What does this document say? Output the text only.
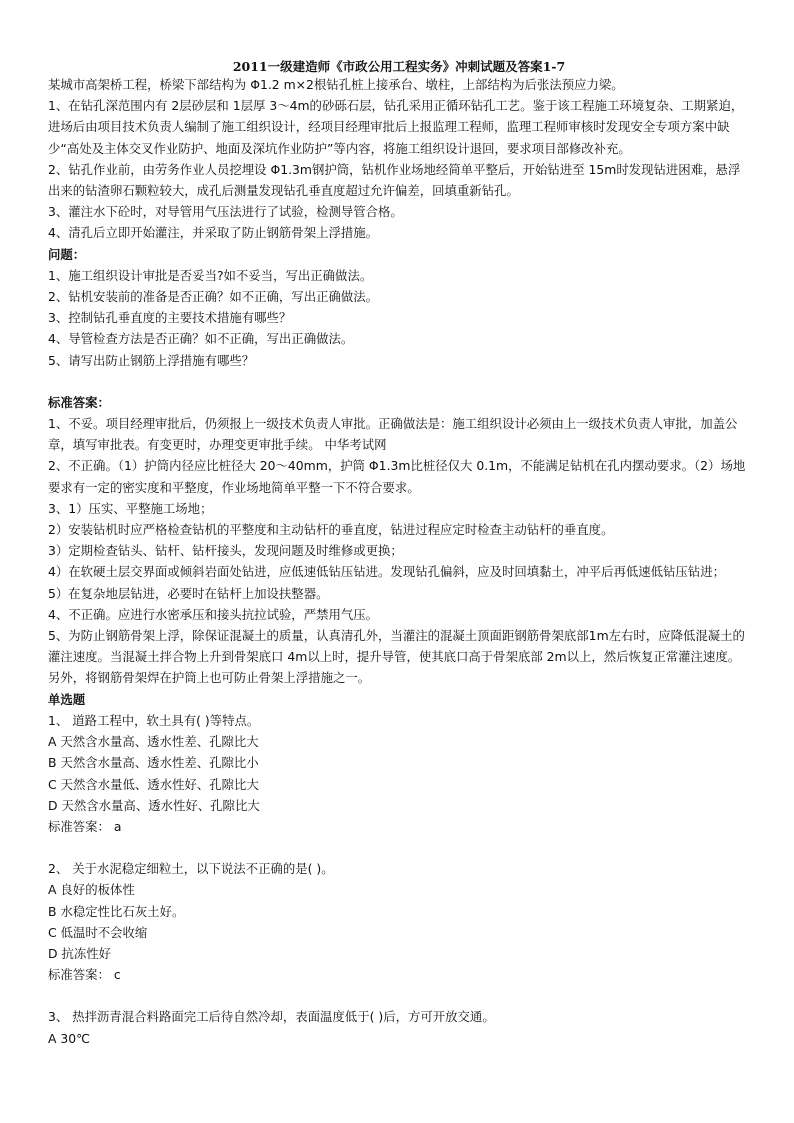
2011一级建造师《市政公用工程实务》冲刺试题及答案1-7

某城市高架桥工程，桥梁下部结构为 Φ1.2 m×2根钻孔桩上接承台、墩柱，上部结构为后张法预应力梁。

1、在钻孔深范围内有 2层砂层和 1层厚 3～4m的砂砾石层，钻孔采用正循环钻孔工艺。鉴于该工程施工环境复杂、工期紧迫，进场后由项目技术负责人编制了施工组织设计，经项目经理审批后上报监理工程师，监理工程师审核时发现安全专项方案中缺少“高处及主体交叉作业防护、地面及深坑作业防护”等内容，将施工组织设计退回，要求项目部修改补充。

2、钻孔作业前，由劳务作业人员挖埋设 Φ1.3m钢护筒，钻机作业场地经简单平整后，开始钻进至 15m时发现钻进困难，悬浮出来的钻渣卵石颗粒较大，成孔后测量发现钻孔垂直度超过允许偏差，回填重新钻孔。

3、灌注水下砼时，对导管用气压法进行了试验，检测导管合格。

4、清孔后立即开始灌注，并采取了防止钢筋骨架上浮措施。

问题：

1、施工组织设计审批是否妥当?如不妥当，写出正确做法。

2、钻机安装前的准备是否正确？如不正确，写出正确做法。

3、控制钻孔垂直度的主要技术措施有哪些？

4、导管检查方法是否正确？如不正确，写出正确做法。

5、请写出防止钢筋上浮措施有哪些？

标准答案：

1、不妥。项目经理审批后，仍须报上一级技术负责人审批。正确做法是：施工组织设计必须由上一级技术负责人审批，加盖公章，填写审批表。有变更时，办理变更审批手续。 中华考试网

2、不正确。（1）护筒内径应比桩径大 20～40mm，护筒 Φ1.3m比桩径仅大 0.1m，不能满足钻机在孔内摆动要求。（2）场地要求有一定的密实度和平整度，作业场地简单平整一下不符合要求。

3、1）压实、平整施工场地；

2）安装钻机时应严格检查钻机的平整度和主动钻杆的垂直度，钻进过程应定时检查主动钻杆的垂直度。

3）定期检查钻头、钻杆、钻杆接头，发现问题及时维修或更换；

4）在软硬土层交界面或倾斜岩面处钻进，应低速低钻压钻进。发现钻孔偏斜，应及时回填黏土，冲平后再低速低钻压钻进；

5）在复杂地层钻进，必要时在钻杆上加设扶整器。

4、不正确。应进行水密承压和接头抗拉试验，严禁用气压。

5、为防止钢筋骨架上浮，除保证混凝土的质量，认真清孔外，当灌注的混凝土顶面距钢筋骨架底部1m左右时，应降低混凝土的灌注速度。当混凝土拌合物上升到骨架底口 4m以上时，提升导管，使其底口高于骨架底部 2m以上，然后恢复正常灌注速度。另外，将钢筋骨架焊在护筒上也可防止骨架上浮措施之一。

单选题

1、 道路工程中，软土具有( )等特点。

A 天然含水量高、透水性差、孔隙比大

B 天然含水量高、透水性差、孔隙比小

C 天然含水量低、透水性好、孔隙比大

D 天然含水量高、透水性好、孔隙比大

标准答案： a

2、 关于水泥稳定细粒土，以下说法不正确的是( )。

A 良好的板体性

B 水稳定性比石灰土好。

C 低温时不会收缩

D 抗冻性好

标准答案： c

3、 热拌沥青混合料路面完工后待自然冷却，表面温度低于( )后，方可开放交通。

A 30℃
